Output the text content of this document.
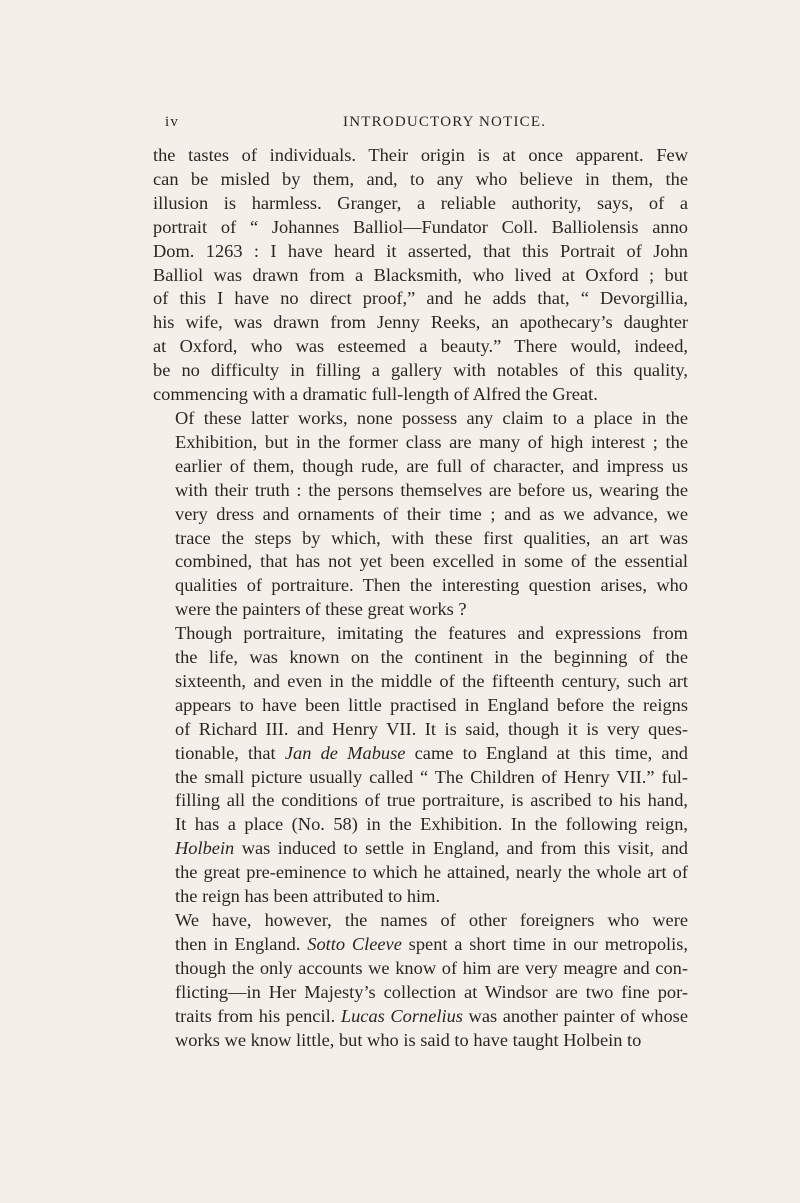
iv	INTRODUCTORY NOTICE.

the tastes of individuals. Their origin is at once apparent. Few
can be misled by them, and, to any who believe in them, the
illusion is harmless. Granger, a reliable authority, says, of a
portrait of “ Johannes Balliol—Fundator Coll. Balliolensis anno
Dom. 1263 : I have heard it asserted, that this Portrait of John
Balliol was drawn from a Blacksmith, who lived at Oxford ; but
of this I have no direct proof,” and he adds that, “ Devorgillia,
his wife, was drawn from Jenny Reeks, an apothecary’s daughter
at Oxford, who was esteemed a beauty.” There would, indeed,
be no difficulty in filling a gallery with notables of this quality,
commencing with a dramatic full-length of Alfred the Great.

Of these latter works, none possess any claim to a place in the
Exhibition, but in the former class are many of high interest ; the
earlier of them, though rude, are full of character, and impress us
with their truth : the persons themselves are before us, wearing the
very dress and ornaments of their time ; and as we advance, we
trace the steps by which, with these first qualities, an art was
combined, that has not yet been excelled in some of the essential
qualities of portraiture. Then the interesting question arises, who
were the painters of these great works ?

Though portraiture, imitating the features and expressions from
the life, was known on the continent in the beginning of the
sixteenth, and even in the middle of the fifteenth century, such art
appears to have been little practised in England before the reigns
of Richard III. and Henry VII. It is said, though it is very ques-
tionable, that Jan de Mabuse came to England at this time, and
the small picture usually called “ The Children of Henry VII.” ful-
filling all the conditions of true portraiture, is ascribed to his hand,
It has a place (No. 58) in the Exhibition. In the following reign,
Holbein was induced to settle in England, and from this visit, and
the great pre-eminence to which he attained, nearly the whole art of
the reign has been attributed to him.

We have, however, the names of other foreigners who were
then in England. Sotto Cleeve spent a short time in our metropolis,
though the only accounts we know of him are very meagre and con-
flicting—in Her Majesty’s collection at Windsor are two fine por-
traits from his pencil. Lucas Cornelius was another painter of whose
works we know little, but who is said to have taught Holbein to
